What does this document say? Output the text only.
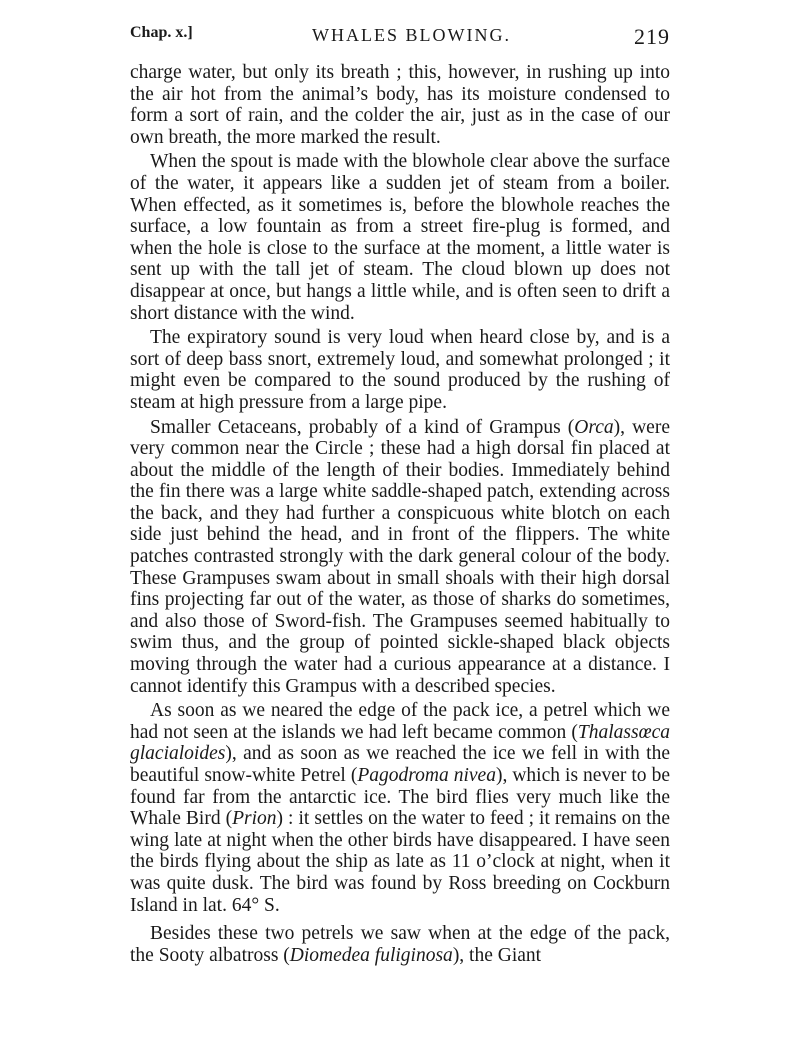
Chap. x.]	WHALES BLOWING.	219

charge water, but only its breath ; this, however, in rushing up into the air hot from the animal’s body, has its moisture condensed to form a sort of rain, and the colder the air, just as in the case of our own breath, the more marked the result.

When the spout is made with the blowhole clear above the surface of the water, it appears like a sudden jet of steam from a boiler. When effected, as it sometimes is, before the blowhole reaches the surface, a low fountain as from a street fire-plug is formed, and when the hole is close to the surface at the moment, a little water is sent up with the tall jet of steam. The cloud blown up does not disappear at once, but hangs a little while, and is often seen to drift a short distance with the wind.

The expiratory sound is very loud when heard close by, and is a sort of deep bass snort, extremely loud, and somewhat prolonged ; it might even be compared to the sound produced by the rushing of steam at high pressure from a large pipe.

Smaller Cetaceans, probably of a kind of Grampus (Orca), were very common near the Circle ; these had a high dorsal fin placed at about the middle of the length of their bodies. Immediately behind the fin there was a large white saddle-shaped patch, extending across the back, and they had further a conspicuous white blotch on each side just behind the head, and in front of the flippers. The white patches contrasted strongly with the dark general colour of the body. These Grampuses swam about in small shoals with their high dorsal fins projecting far out of the water, as those of sharks do sometimes, and also those of Sword-fish. The Grampuses seemed habitually to swim thus, and the group of pointed sickle-shaped black objects moving through the water had a curious appearance at a distance. I cannot identify this Grampus with a described species.

As soon as we neared the edge of the pack ice, a petrel which we had not seen at the islands we had left became common (Thalassœca glacialoides), and as soon as we reached the ice we fell in with the beautiful snow-white Petrel (Pagodroma nivea), which is never to be found far from the antarctic ice. The bird flies very much like the Whale Bird (Prion) : it settles on the water to feed ; it remains on the wing late at night when the other birds have disappeared. I have seen the birds flying about the ship as late as 11 o’clock at night, when it was quite dusk. The bird was found by Ross breeding on Cockburn Island in lat. 64° S.

Besides these two petrels we saw when at the edge of the pack, the Sooty albatross (Diomedea fuliginosa), the Giant
